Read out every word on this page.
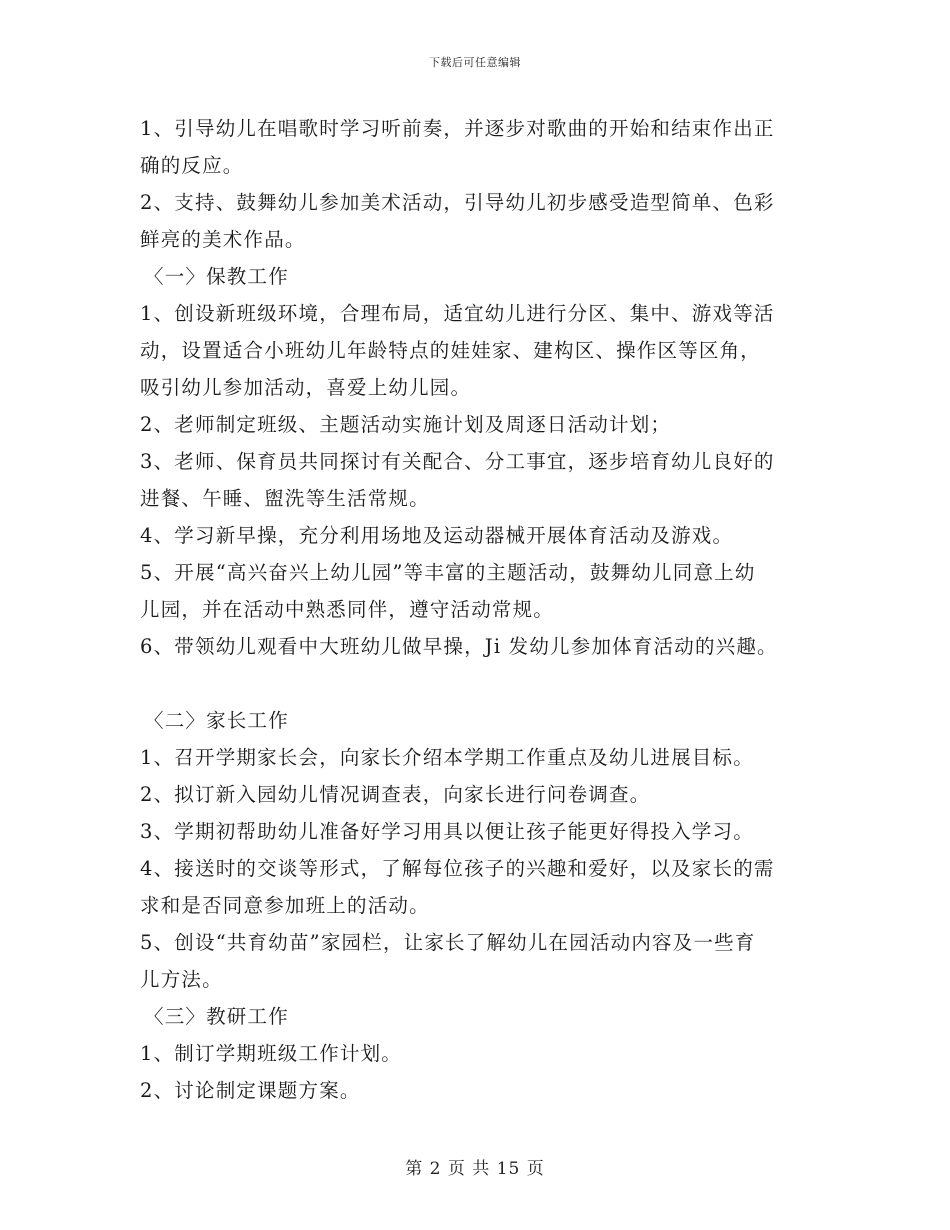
下载后可任意编辑
1、引导幼儿在唱歌时学习听前奏，并逐步对歌曲的开始和结束作出正
确的反应。
2、支持、鼓舞幼儿参加美术活动，引导幼儿初步感受造型简单、色彩
鲜亮的美术作品。
〈一〉保教工作
1、创设新班级环境，合理布局，适宜幼儿进行分区、集中、游戏等活
动，设置适合小班幼儿年龄特点的娃娃家、建构区、操作区等区角，
吸引幼儿参加活动，喜爱上幼儿园。
2、老师制定班级、主题活动实施计划及周逐日活动计划；
3、老师、保育员共同探讨有关配合、分工事宜，逐步培育幼儿良好的
进餐、午睡、盥洗等生活常规。
4、学习新早操，充分利用场地及运动器械开展体育活动及游戏。
5、开展“高兴奋兴上幼儿园”等丰富的主题活动，鼓舞幼儿同意上幼
儿园，并在活动中熟悉同伴，遵守活动常规。
6、带领幼儿观看中大班幼儿做早操，Ji 发幼儿参加体育活动的兴趣。
〈二〉家长工作
1、召开学期家长会，向家长介绍本学期工作重点及幼儿进展目标。
2、拟订新入园幼儿情况调查表，向家长进行问卷调查。
3、学期初帮助幼儿准备好学习用具以便让孩子能更好得投入学习。
4、接送时的交谈等形式，了解每位孩子的兴趣和爱好，以及家长的需
求和是否同意参加班上的活动。
5、创设“共育幼苗”家园栏，让家长了解幼儿在园活动内容及一些育
儿方法。
〈三〉教研工作
1、制订学期班级工作计划。
2、讨论制定课题方案。
第 2 页 共 15 页
